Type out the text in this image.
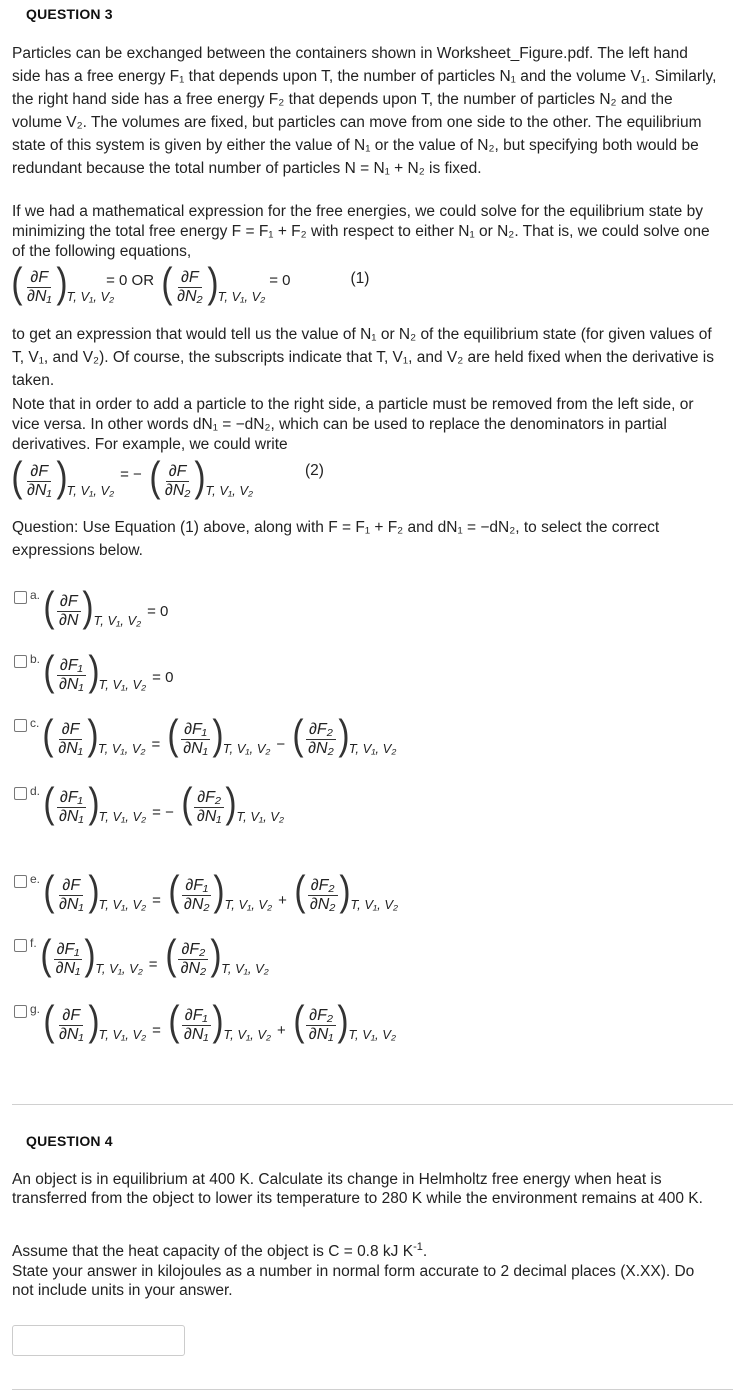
QUESTION 3
Particles can be exchanged between the containers shown in Worksheet_Figure.pdf. The left hand side has a free energy F₁ that depends upon T, the number of particles N₁ and the volume V₁. Similarly, the right hand side has a free energy F₂ that depends upon T, the number of particles N₂ and the volume V₂. The volumes are fixed, but particles can move from one side to the other. The equilibrium state of this system is given by either the value of N₁ or the value of N₂, but specifying both would be redundant because the total number of particles N = N₁ + N₂ is fixed.
If we had a mathematical expression for the free energies, we could solve for the equilibrium state by minimizing the total free energy F = F₁ + F₂ with respect to either N₁ or N₂. That is, we could solve one of the following equations,
( $\frac{\partial F}{\text{∂N₁}}$ ) T, V₁, V₂
= 0 OR ( $\frac{\partial F}{\text{∂N₂}}$ ) T, V₁, V₂
= 0	(1)
to get an expression that would tell us the value of N₁ or N₂ of the equilibrium state (for given values of T, V₁, and V₂). Of course, the subscripts indicate that T, V₁, and V₂ are held fixed when the derivative is taken.
Note that in order to add a particle to the right side, a particle must be removed from the left side, or vice versa. In other words dN₁ = −dN₂, which can be used to replace the denominators in partial derivatives. For example, we could write
( $\frac{\partial F}{\text{∂N₁}}$ ) T, V₁, V₂
= − ( $\frac{\partial F}{\text{∂N₂}}$ ) T, V₁, V₂
(2)
Question: Use Equation (1) above, along with F = F₁ + F₂ and dN₁ = −dN₂, to select the correct expressions below.
a. ( $\frac{\partial F}{\partial N}$ ) T, V₁, V₂
= 0
b. ( $\frac{\text{∂F₁}}{\text{∂N₁}}$ ) T, V₁, V₂ = 0
c. ( $\frac{\partial F}{\text{∂N₁}}$ ) T, V₁, V₂ = ( $\frac{\text{∂F₁}}{\text{∂N₁}}$ ) T, V₁, V₂ − ( $\frac{\text{∂F₂}}{\text{∂N₂}}$ ) T, V₁, V₂
d. ( $\frac{\text{∂F₁}}{\text{∂N₁}}$ ) T, V₁, V₂ = − ( $\frac{\text{∂F₂}}{\text{∂N₁}}$ ) T, V₁, V₂
e. ( $\frac{\partial F}{\text{∂N₁}}$ ) T, V₁, V₂ = ( $\frac{\text{∂F₁}}{\text{∂N₂}}$ ) T, V₁, V₂ + ( $\frac{\text{∂F₂}}{\text{∂N₂}}$ ) T, V₁, V₂
f. ( $\frac{\text{∂F₁}}{\text{∂N₁}}$ ) T, V₁, V₂ = ( $\frac{\text{∂F₂}}{\text{∂N₂}}$ ) T, V₁, V₂
g. ( $\frac{\partial F}{\text{∂N₁}}$ ) T, V₁, V₂ = ( $\frac{\text{∂F₁}}{\text{∂N₁}}$ ) T, V₁, V₂ + ( $\frac{\text{∂F₂}}{\text{∂N₁}}$ ) T, V₁, V₂
QUESTION 4
An object is in equilibrium at 400 K. Calculate its change in Helmholtz free energy when heat is transferred from the object to lower its temperature to 280 K while the environment remains at 400 K.
Assume that the heat capacity of the object is C = 0.8 kJ $K^{-1}$.
State your answer in kilojoules as a number in normal form accurate to 2 decimal places (X.XX). Do not include units in your answer.
